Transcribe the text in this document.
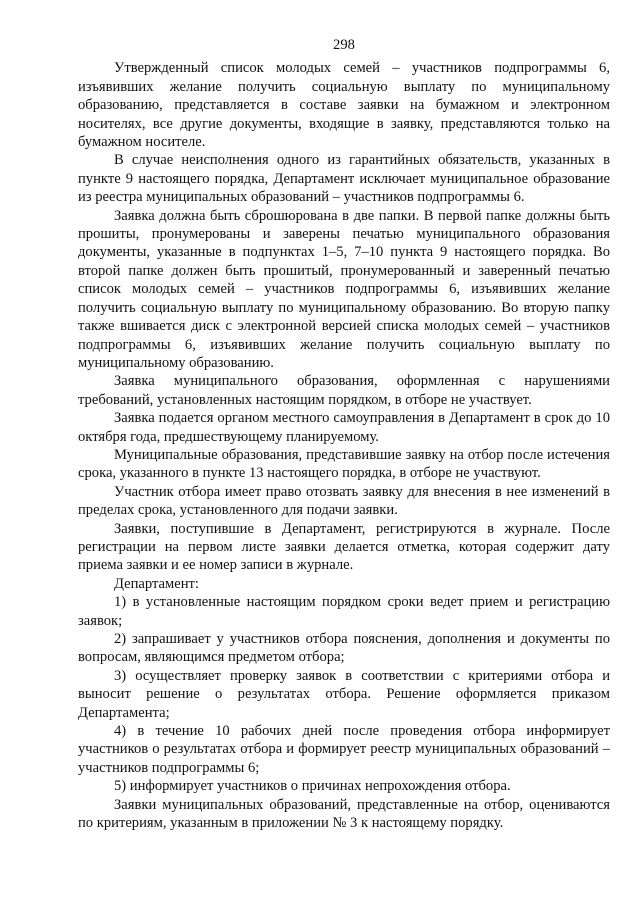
298

Утвержденный список молодых семей – участников подпрограммы 6, изъявивших желание получить социальную выплату по муниципальному образованию, представляется в составе заявки на бумажном и электронном носителях, все другие документы, входящие в заявку, представляются только на бумажном носителе.

В случае неисполнения одного из гарантийных обязательств, указанных в пункте 9 настоящего порядка, Департамент исключает муниципальное образование из реестра муниципальных образований – участников подпрограммы 6.

Заявка должна быть сброшюрована в две папки. В первой папке должны быть прошиты, пронумерованы и заверены печатью муниципального образования документы, указанные в подпунктах 1–5, 7–10 пункта 9 настоящего порядка. Во второй папке должен быть прошитый, пронумерованный и заверенный печатью список молодых семей – участников подпрограммы 6, изъявивших желание получить социальную выплату по муниципальному образованию. Во вторую папку также вшивается диск с электронной версией списка молодых семей – участников подпрограммы 6, изъявивших желание получить социальную выплату по муниципальному образованию.

Заявка муниципального образования, оформленная с нарушениями требований, установленных настоящим порядком, в отборе не участвует.

Заявка подается органом местного самоуправления в Департамент в срок до 10 октября года, предшествующему планируемому.

Муниципальные образования, представившие заявку на отбор после истечения срока, указанного в пункте 13 настоящего порядка, в отборе не участвуют.

Участник отбора имеет право отозвать заявку для внесения в нее изменений в пределах срока, установленного для подачи заявки.

Заявки, поступившие в Департамент, регистрируются в журнале. После регистрации на первом листе заявки делается отметка, которая содержит дату приема заявки и ее номер записи в журнале.

Департамент:

1) в установленные настоящим порядком сроки ведет прием и регистрацию заявок;

2) запрашивает у участников отбора пояснения, дополнения и документы по вопросам, являющимся предметом отбора;

3) осуществляет проверку заявок в соответствии с критериями отбора и выносит решение о результатах отбора. Решение оформляется приказом Департамента;

4) в течение 10 рабочих дней после проведения отбора информирует участников о результатах отбора и формирует реестр муниципальных образований – участников подпрограммы 6;

5) информирует участников о причинах непрохождения отбора.

Заявки муниципальных образований, представленные на отбор, оцениваются по критериям, указанным в приложении № 3 к настоящему порядку.
